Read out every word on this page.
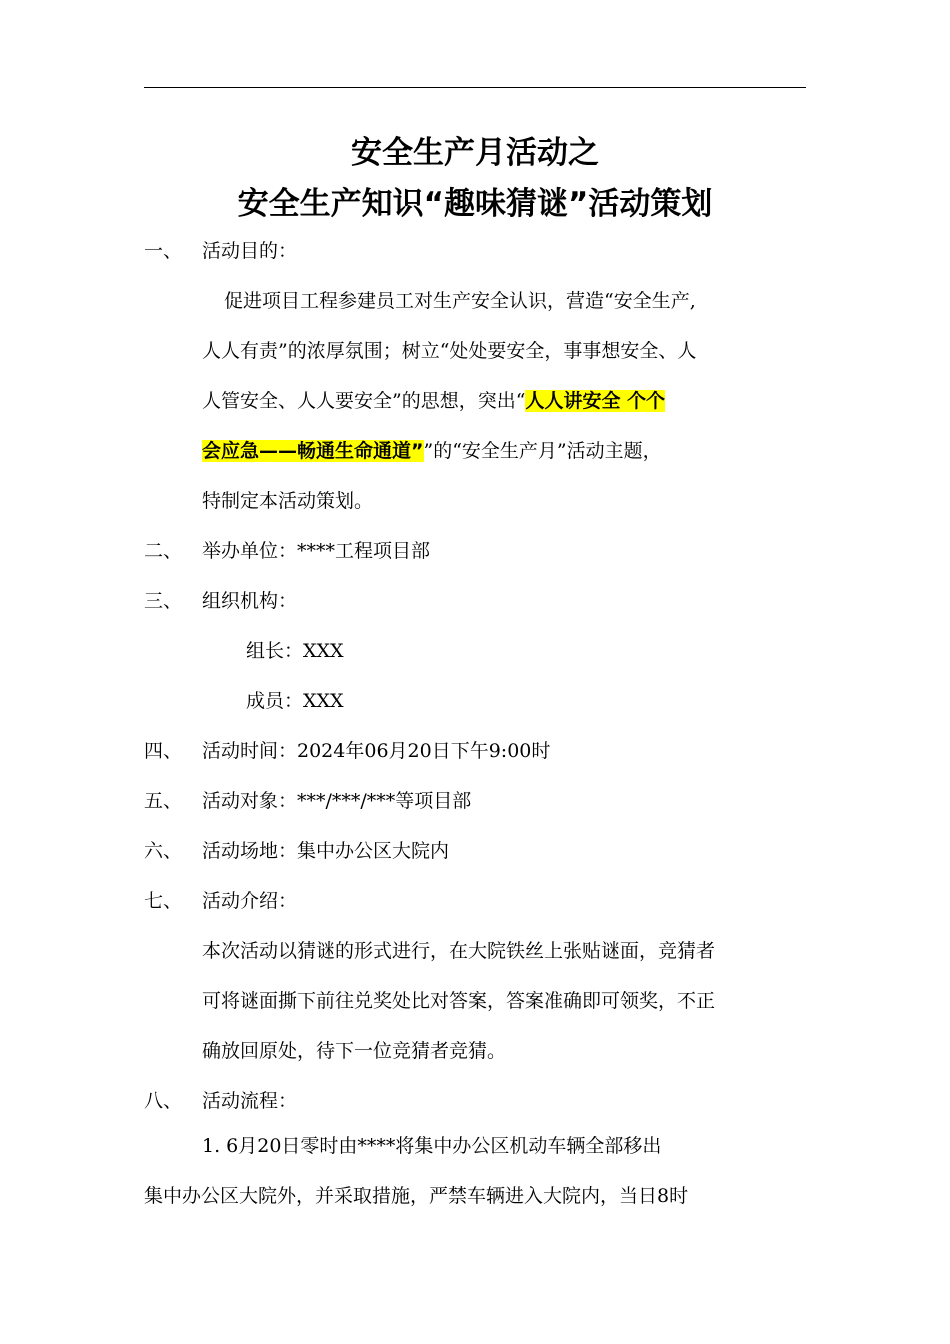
安全生产月活动之
安全生产知识“趣味猜谜”活动策划
一、 活动目的：
促进项目工程参建员工对生产安全认识，营造“安全生产,
人人有责”的浓厚氛围；树立“处处要安全，事事想安全、人
人管安全、人人要安全”的思想，突出“人人讲安全 个个
会应急——畅通生命通道””的“安全生产月”活动主题，
特制定本活动策划。
二、 举办单位：****工程项目部
三、 组织机构：
组长：XXX
成员：XXX
四、 活动时间：2024年06月20日下午9:00时
五、 活动对象：***/***/***等项目部
六、 活动场地：集中办公区大院内
七、 活动介绍：
本次活动以猜谜的形式进行，在大院铁丝上张贴谜面，竞猜者
可将谜面撕下前往兑奖处比对答案，答案准确即可领奖，不正
确放回原处，待下一位竞猜者竞猜。
八、 活动流程：
1. 6月20日零时由****将集中办公区机动车辆全部移出
集中办公区大院外，并采取措施，严禁车辆进入大院内，当日8时
